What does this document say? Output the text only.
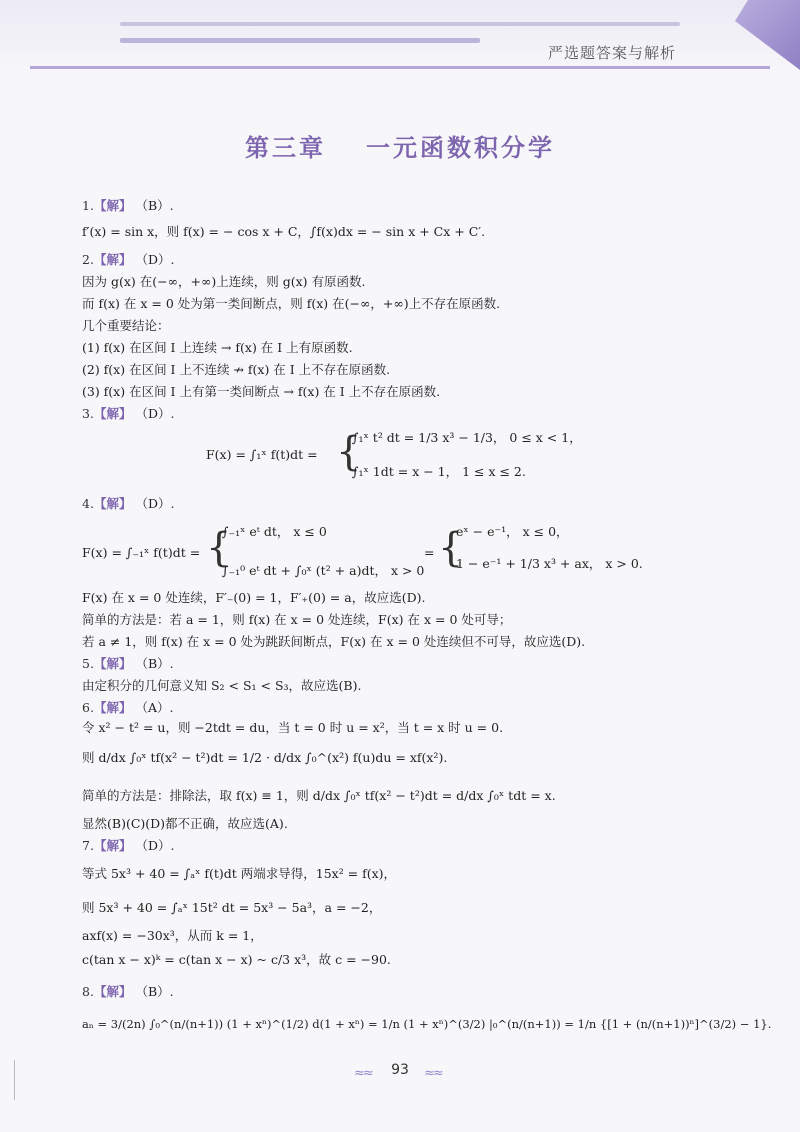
严选题答案与解析
第三章 一元函数积分学
1.【解】 （B）.
f′(x) = sin x，则 f(x) = − cos x + C，∫f(x)dx = − sin x + Cx + C′.
2.【解】 （D）.
因为 g(x) 在(−∞，+∞)上连续，则 g(x) 有原函数.
而 f(x) 在 x = 0 处为第一类间断点，则 f(x) 在(−∞，+∞)上不存在原函数.
几个重要结论：
(1) f(x) 在区间 I 上连续 → f(x) 在 I 上有原函数.
(2) f(x) 在区间 I 上不连续 ↛ f(x) 在 I 上不存在原函数.
(3) f(x) 在区间 I 上有第一类间断点 → f(x) 在 I 上不存在原函数.
3.【解】 （D）.
F(x) = ∫₁ˣ f(t)dt = {
∫₁ˣ t² dt = 1/3 x³ − 1/3， 0 ≤ x < 1，
∫₁ˣ 1dt = x − 1， 1 ≤ x ≤ 2.
4.【解】 （D）.
F(x) = ∫₋₁ˣ f(t)dt = {
∫₋₁ˣ eᵗ dt， x ≤ 0
∫₋₁⁰ eᵗ dt + ∫₀ˣ (t² + a)dt， x > 0
= {
eˣ − e⁻¹， x ≤ 0，
1 − e⁻¹ + 1/3 x³ + ax， x > 0.
F(x) 在 x = 0 处连续，F′₋(0) = 1，F′₊(0) = a，故应选(D).
简单的方法是：若 a = 1，则 f(x) 在 x = 0 处连续，F(x) 在 x = 0 处可导；
若 a ≠ 1，则 f(x) 在 x = 0 处为跳跃间断点，F(x) 在 x = 0 处连续但不可导，故应选(D).
5.【解】 （B）.
由定积分的几何意义知 S₂ < S₁ < S₃，故应选(B).
6.【解】 （A）.
令 x² − t² = u，则 −2tdt = du，当 t = 0 时 u = x²，当 t = x 时 u = 0.
则 d/dx ∫₀ˣ tf(x² − t²)dt = 1/2 · d/dx ∫₀^(x²) f(u)du = xf(x²).
简单的方法是：排除法，取 f(x) ≡ 1，则 d/dx ∫₀ˣ tf(x² − t²)dt = d/dx ∫₀ˣ tdt = x.
显然(B)(C)(D)都不正确，故应选(A).
7.【解】 （D）.
等式 5x³ + 40 = ∫ₐˣ f(t)dt 两端求导得，15x² = f(x)，
则 5x³ + 40 = ∫ₐˣ 15t² dt = 5x³ − 5a³，a = −2，
axf(x) = −30x³，从而 k = 1，
c(tan x − x)ᵏ = c(tan x − x) ~ c/3 x³，故 c = −90.
8.【解】 （B）.
aₙ = 3/(2n) ∫₀^(n/(n+1)) (1 + xⁿ)^(1/2) d(1 + xⁿ) = 1/n (1 + xⁿ)^(3/2) |₀^(n/(n+1)) = 1/n {[1 + (n/(n+1))ⁿ]^(3/2) − 1}.
≈≈	93	≈≈
